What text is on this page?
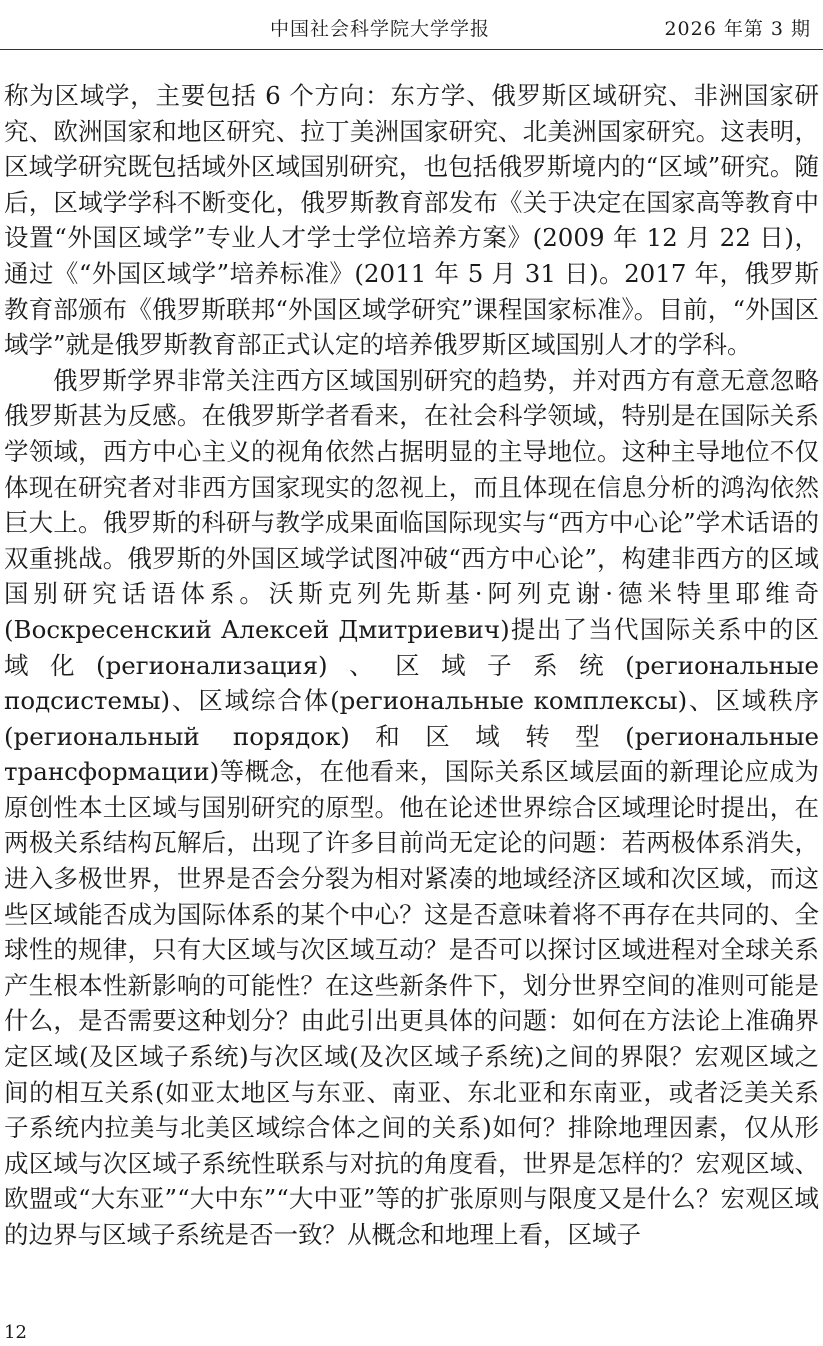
中国社会科学院大学学报	2026 年第 3 期

称为区域学，主要包括 6 个方向：东方学、俄罗斯区域研究、非洲国家研究、欧洲国家和地区研究、拉丁美洲国家研究、北美洲国家研究。这表明，区域学研究既包括域外区域国别研究，也包括俄罗斯境内的“区域”研究。随后，区域学学科不断变化，俄罗斯教育部发布《关于决定在国家高等教育中设置“外国区域学”专业人才学士学位培养方案》(2009 年 12 月 22 日)，通过《“外国区域学”培养标准》(2011 年 5 月 31 日)。2017 年，俄罗斯教育部颁布《俄罗斯联邦“外国区域学研究”课程国家标准》。目前，“外国区域学”就是俄罗斯教育部正式认定的培养俄罗斯区域国别人才的学科。

俄罗斯学界非常关注西方区域国别研究的趋势，并对西方有意无意忽略俄罗斯甚为反感。在俄罗斯学者看来，在社会科学领域，特别是在国际关系学领域，西方中心主义的视角依然占据明显的主导地位。这种主导地位不仅体现在研究者对非西方国家现实的忽视上，而且体现在信息分析的鸿沟依然巨大上。俄罗斯的科研与教学成果面临国际现实与“西方中心论”学术话语的双重挑战。俄罗斯的外国区域学试图冲破“西方中心论”，构建非西方的区域国别研究话语体系。沃斯克列先斯基·阿列克谢·德米特里耶维奇(Воскресенский Алексей Дмитриевич)提出了当代国际关系中的区域化(регионализация)、区域子系统(региональные подсистемы)、区域综合体(региональные комплексы)、区域秩序(региональный порядок)和区域转型(региональные трансформации)等概念，在他看来，国际关系区域层面的新理论应成为原创性本土区域与国别研究的原型。他在论述世界综合区域理论时提出，在两极关系结构瓦解后，出现了许多目前尚无定论的问题：若两极体系消失，进入多极世界，世界是否会分裂为相对紧凑的地域经济区域和次区域，而这些区域能否成为国际体系的某个中心？这是否意味着将不再存在共同的、全球性的规律，只有大区域与次区域互动？是否可以探讨区域进程对全球关系产生根本性新影响的可能性？在这些新条件下，划分世界空间的准则可能是什么，是否需要这种划分？由此引出更具体的问题：如何在方法论上准确界定区域(及区域子系统)与次区域(及次区域子系统)之间的界限？宏观区域之间的相互关系(如亚太地区与东亚、南亚、东北亚和东南亚，或者泛美关系子系统内拉美与北美区域综合体之间的关系)如何？排除地理因素，仅从形成区域与次区域子系统性联系与对抗的角度看，世界是怎样的？宏观区域、欧盟或“大东亚”“大中东”“大中亚”等的扩张原则与限度又是什么？宏观区域的边界与区域子系统是否一致？从概念和地理上看，区域子

12
